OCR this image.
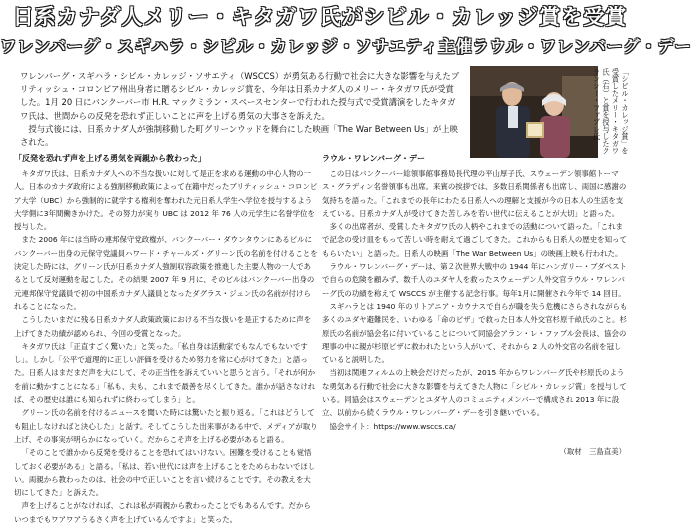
日系カナダ人メリー・キタガワ氏がシビル・カレッジ賞を受賞
ワレンバーグ・スギハラ・シビル・カレッジ・ソサエティ主催ラウル・ワレンバーグ・デー

ワレンバーグ・スギハラ・シビル・カレッジ・ソサエティ（WSCCS）が勇気ある行動で社会に大きな影響を与えたブリティッシュ・コロンビア州出身者に贈るシビル・カレッジ賞を、今年は日系カナダ人のメリー・キタガワ氏が受賞した。1月 20 日にバンクーバー市 H.R. マックミラン・スペースセンターで行われた授与式で受賞講演をしたキタガワ氏は、世間からの反発を恐れず正しいことに声を上げる勇気の大事さを訴えた。

授与式後には、日系カナダ人が強制移動した町グリーンウッドを舞台にした映画「The War Between Us」が上映された。	「シビル・カレッジ賞」を受賞したメリー・キタガワ氏（右）と賞を授与したクランシー・ファブレ氏
「反発を恐れず声を上げる勇気を両親から教わった」

キタガワ氏は、日系カナダ人への不当な扱いに対して是正を求める運動の中心人物の一人。日本のカナダ政府による強制移動政策によって在籍中だったブリティッシュ・コロンビア大学（UBC）から強制的に就学する権利を奪われた元日系人学生へ学位を授与するよう大学側に3年間働きかけた。その努力が実り UBC は 2012 年 76 人の元学生に名誉学位を授与した。

また 2006 年には当時の連邦保守党政権が、バンクーバー・ダウンタウンにあるビルにバンクーバー出身の元保守党議員ハワード・チャールズ・グリーン氏の名前を付けることを決定した時には、グリーン氏が日系カナダ人強制収容政策を推進した主要人物の一人であるとして反対運動を起こした。その結果 2007 年 9 月に、そのビルはバンクーバー出身の元連邦保守党議員で初の中国系カナダ人議員となったダグラス・ジュン氏の名前が付けられることになった。

こうしたいまだに残る日系カナダ人政策政策における不当な扱いを是正するために声を上げてきた功績が認められ、今回の受賞となった。

キタガワ氏は「正直すごく驚いた」と笑った。「私自身は活動家でもなんでもないですし」。しかし「公平で道理的に正しい評価を受けるため努力を常に心がけてきた」と語った。日系人はまだまだ声を大にして、その正当性を訴えていいと思うと言う。「それが何かを前に動かすことになる」「私も、夫も、これまで最善を尽くしてきた。誰かが話さなければ、その歴史は誰にも知られずに終わってしまう」と。

グリーン氏の名前を付けるニュースを聞いた時には驚いたと振り返る。「これはどうしても阻止しなければと決心した」と話す。そしてこうした出来事がある中で、メディアが取り上げ、その事実が明らかになっていく。だからこそ声を上げる必要があると語る。

「そのことで誰かから反発を受けることを恐れてはいけない。困難を受けることも覚悟しておく必要がある」と語る。「私は、若い世代には声を上げることをためらわないでほしい。両親から教わったのは、社会の中で正しいことを言い続けることです。その教えを大切にしてきた」と訴えた。

声を上げることがなければ、これは私が両親から教わったことでもあるんです。だからいつまでもワアワアうるさく声を上げているんですよ」と笑った。

ラウル・ワレンバーグ・デー

この日はバンクーバー総領事館事務局長代理の平山厚子氏、スウェーデン領事館トーマス・グラディン名誉領事も出席。来賓の挨拶では、多数日系関係者も出席し、両国に感謝の気持ちを語った。「これまでの長年にわたる日系人への理解と支援が今の日本人の生活を支えている。日系カナダ人が受けてきた苦しみを若い世代に伝えることが大切」と語った。

多くの出席者が、受賞したキタガワ氏の人柄やこれまでの活動について語った。「これまで記念の受け皿をもって苦しい時を耐えて過ごしてきた。これからも日系人の歴史を知ってもらいたい」と語った。日系人の映画「The War Between Us」の映画上映も行われた。

ラウル・ワレンバーグ・デーは、第２次世界大戦中の 1944 年にハンガリー・ブダペストで自らの危険を顧みず、数千人のユダヤ人を救ったスウェーデン人外交官ラウル・ワレンバーグ氏の功績を称えて WSCCS が主催する記念行事。毎年1月に開催され今年で 14 回目。

スギハラとは 1940 年のリトアニア・カウナスで自らが職を失う危機にさらされながらも多くのユダヤ避難民を、いわゆる「命のビザ」で救った日本人外交官杉原千畝氏のこと。杉原氏の名前が協会名に付いていることについて同協会アラン・レ・ファブル会長は、協会の理事の中に親が杉原ビザに救われたという人がいて、それから 2 人の外交官の名前を冠していると説明した。

当初は関連フィルムの上映会だけだったが、2015 年からワレンバーグ氏や杉原氏のような勇気ある行動で社会に大きな影響を与えてきた人物に「シビル・カレッジ賞」を授与している。同協会はスウェーデンとユダヤ人のコミュニティメンバーで構成され 2013 年に設立、以前から続くラウル・ワレンバーグ・デーを引き継いでいる。

協会サイト：https://www.wsccs.ca/

（取材　三島直美）
